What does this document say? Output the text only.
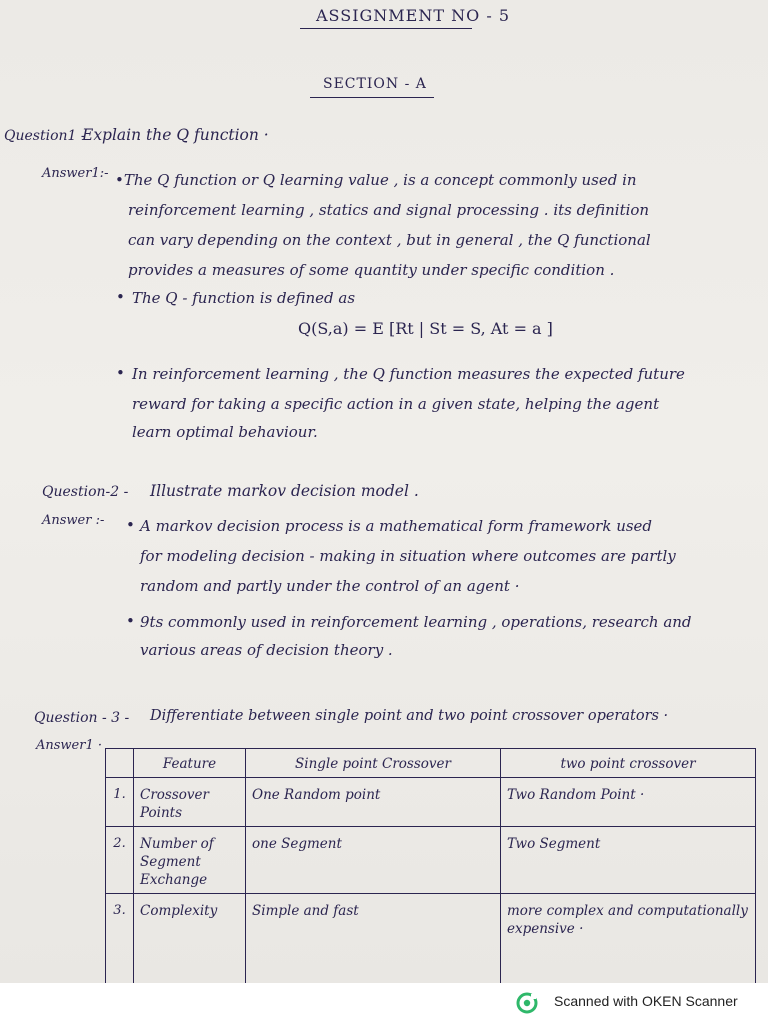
ASSIGNMENT NO - 5
SECTION - A
Question1 -
Explain the Q function ·
Answer1:- •The Q function or Q learning value , is a concept commonly used in
reinforcement learning , statics and signal processing . its definition
can vary depending on the context , but in general , the Q functional
provides a measures of some quantity under specific condition .
• The Q - function is defined as
Q(S,a) = E [Rt | St = S, At = a ]
• In reinforcement learning , the Q function measures the expected future
reward for taking a specific action in a given state, helping the agent
learn optimal behaviour.
Question-2 - Illustrate markov decision model .
Answer :- • A markov decision process is a mathematical form framework used
for modeling decision - making in situation where outcomes are partly
random and partly under the control of an agent ·
• 9ts commonly used in reinforcement learning , operations, research and
various areas of decision theory .
Question - 3 - Differentiate between single point and two point crossover operators ·
Answer1 ·
	Feature	Single point Crossover	two point crossover
1.	Crossover Points	One Random point	Two Random Point ·
2.	Number of Segment Exchange	one Segment	Two Segment
3.	Complexity	Simple and fast	more complex and computationally expensive ·
Scanned with OKEN Scanner
